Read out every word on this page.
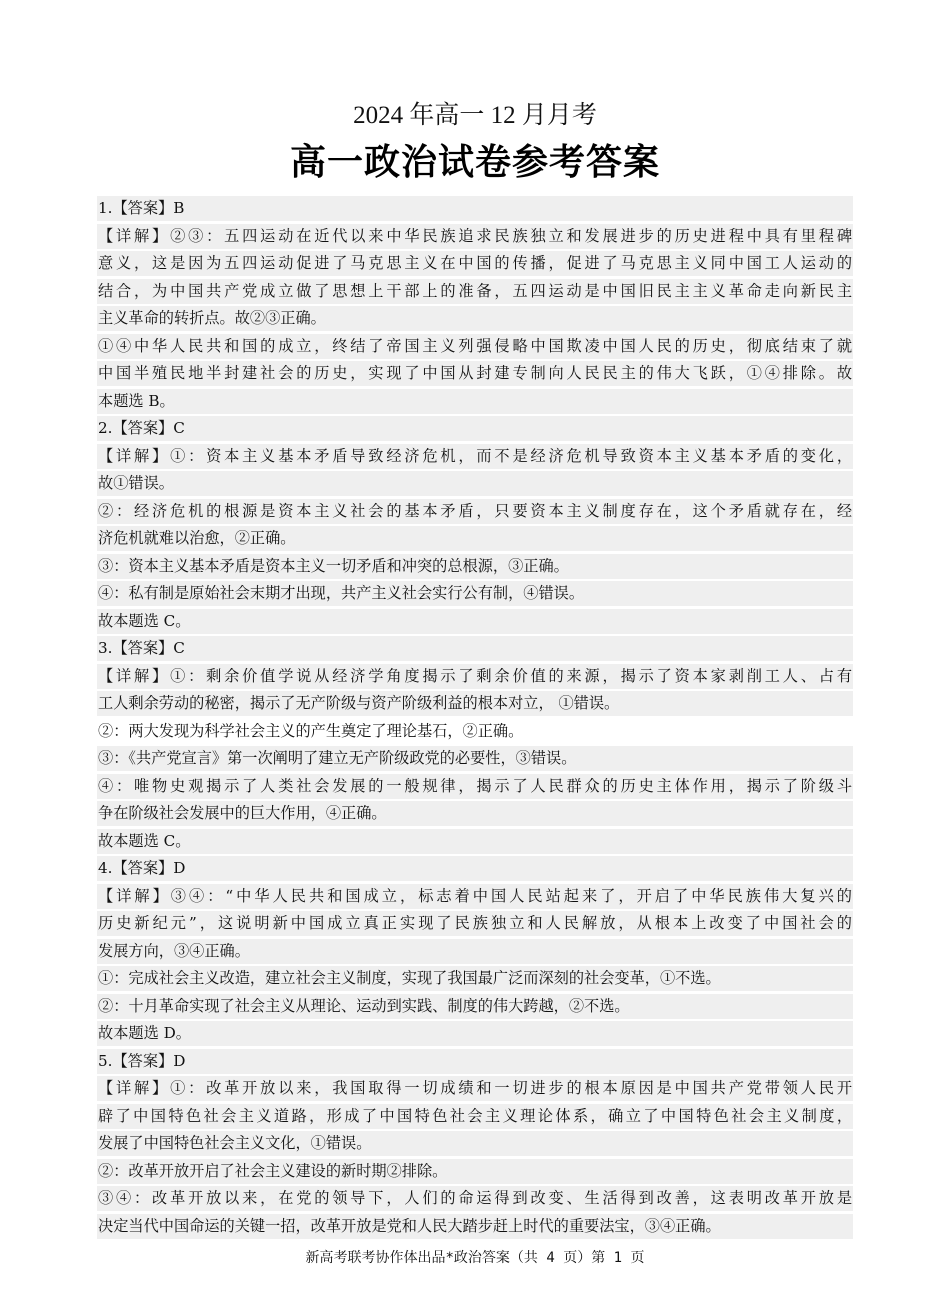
2024 年高一 12 月月考
高一政治试卷参考答案
1.【答案】B
【详解】②③：五四运动在近代以来中华民族追求民族独立和发展进步的历史进程中具有里程碑
意义，这是因为五四运动促进了马克思主义在中国的传播，促进了马克思主义同中国工人运动的
结合，为中国共产党成立做了思想上干部上的准备，五四运动是中国旧民主主义革命走向新民主
主义革命的转折点。故②③正确。
①④中华人民共和国的成立，终结了帝国主义列强侵略中国欺凌中国人民的历史，彻底结束了就
中国半殖民地半封建社会的历史，实现了中国从封建专制向人民民主的伟大飞跃，①④排除。故
本题选 B。
2.【答案】C
【详解】①：资本主义基本矛盾导致经济危机，而不是经济危机导致资本主义基本矛盾的变化，
故①错误。
②：经济危机的根源是资本主义社会的基本矛盾，只要资本主义制度存在，这个矛盾就存在，经
济危机就难以治愈，②正确。
③：资本主义基本矛盾是资本主义一切矛盾和冲突的总根源，③正确。
④：私有制是原始社会末期才出现，共产主义社会实行公有制，④错误。
故本题选 C。
3.【答案】C
【详解】①：剩余价值学说从经济学角度揭示了剩余价值的来源，揭示了资本家剥削工人、占有
工人剩余劳动的秘密，揭示了无产阶级与资产阶级利益的根本对立， ①错误。
②：两大发现为科学社会主义的产生奠定了理论基石，②正确。
③：《共产党宣言》第一次阐明了建立无产阶级政党的必要性，③错误。
④：唯物史观揭示了人类社会发展的一般规律，揭示了人民群众的历史主体作用，揭示了阶级斗
争在阶级社会发展中的巨大作用，④正确。
故本题选 C。
4.【答案】D
【详解】③④：“中华人民共和国成立，标志着中国人民站起来了，开启了中华民族伟大复兴的
历史新纪元”，这说明新中国成立真正实现了民族独立和人民解放，从根本上改变了中国社会的
发展方向，③④正确。
①：完成社会主义改造，建立社会主义制度，实现了我国最广泛而深刻的社会变革，①不选。
②：十月革命实现了社会主义从理论、运动到实践、制度的伟大跨越，②不选。
故本题选 D。
5.【答案】D
【详解】①：改革开放以来，我国取得一切成绩和一切进步的根本原因是中国共产党带领人民开
辟了中国特色社会主义道路，形成了中国特色社会主义理论体系，确立了中国特色社会主义制度，
发展了中国特色社会主义文化，①错误。
②：改革开放开启了社会主义建设的新时期②排除。
③④：改革开放以来，在党的领导下，人们的命运得到改变、生活得到改善，这表明改革开放是
决定当代中国命运的关键一招，改革开放是党和人民大踏步赶上时代的重要法宝，③④正确。
新高考联考协作体出品*政治答案（共 4 页）第 1 页
